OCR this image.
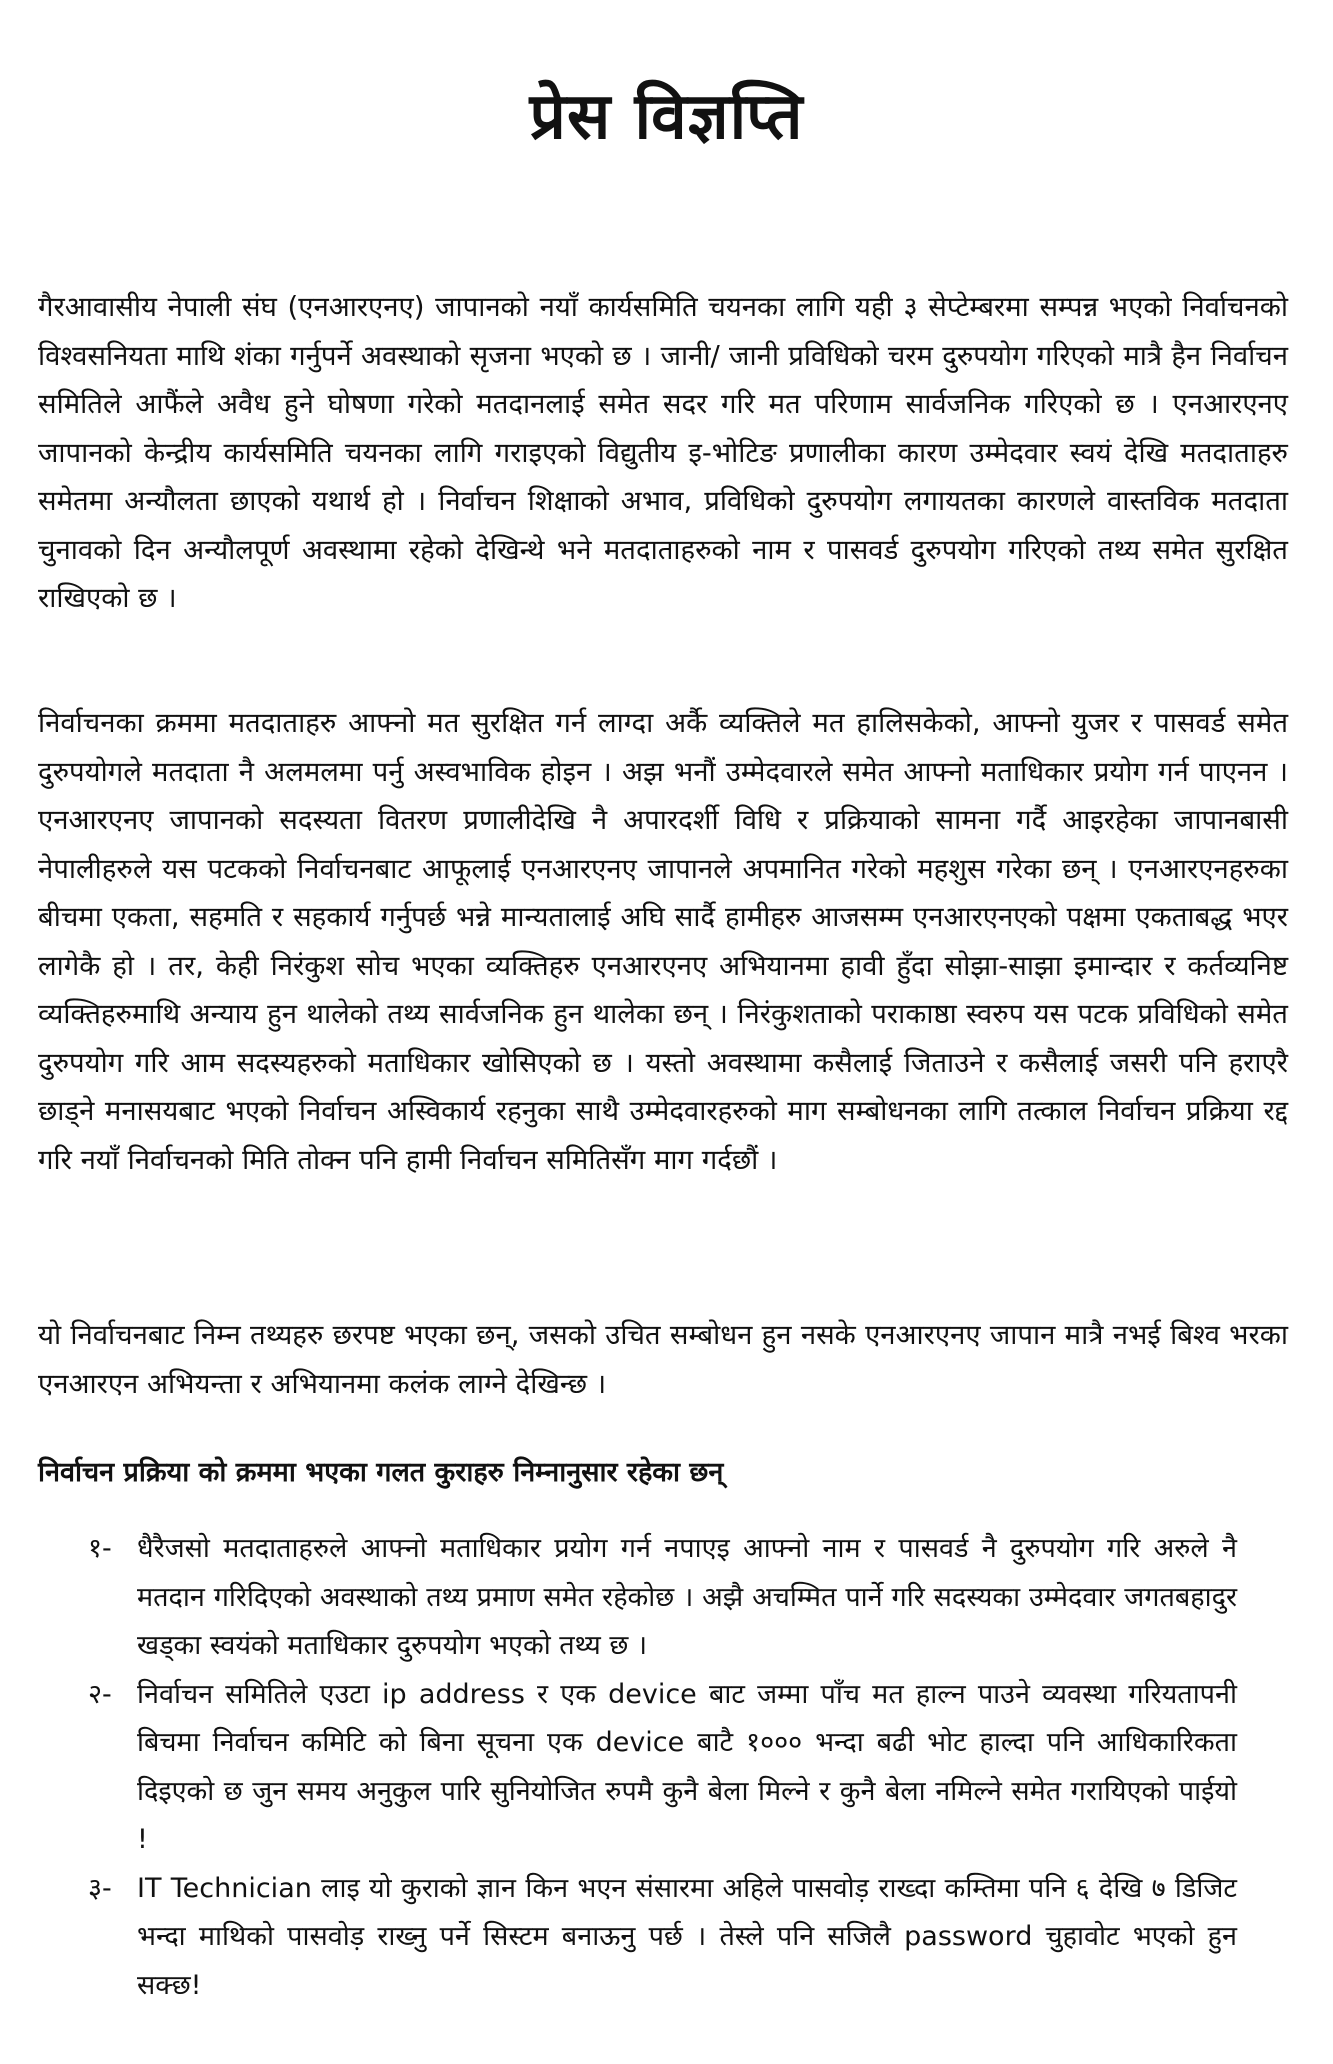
प्रेस विज्ञप्ति

गैरआवासीय नेपाली संघ (एनआरएनए) जापानको नयाँ कार्यसमिति चयनका लागि यही ३ सेप्टेम्बरमा सम्पन्न भएको निर्वाचनको विश्वसनियता माथि शंका गर्नुपर्ने अवस्थाको सृजना भएको छ । जानी/ जानी प्रविधिको चरम दुरुपयोग गरिएको मात्रै हैन निर्वाचन समितिले आफैंले अवैध हुने घोषणा गरेको मतदानलाई समेत सदर गरि मत परिणाम सार्वजनिक गरिएको छ । एनआरएनए जापानको केन्द्रीय कार्यसमिति चयनका लागि गराइएको विद्युतीय इ-भोटिङ प्रणालीका कारण उम्मेदवार स्वयं देखि मतदाताहरु समेतमा अन्यौलता छाएको यथार्थ हो । निर्वाचन शिक्षाको अभाव, प्रविधिको दुरुपयोग लगायतका कारणले वास्तविक मतदाता चुनावको दिन अन्यौलपूर्ण अवस्थामा रहेको देखिन्थे भने मतदाताहरुको नाम र पासवर्ड दुरुपयोग गरिएको तथ्य समेत सुरक्षित राखिएको छ ।

निर्वाचनका क्रममा मतदाताहरु आफ्नो मत सुरक्षित गर्न लाग्दा अर्कै व्यक्तिले मत हालिसकेको, आफ्नो युजर र पासवर्ड समेत दुरुपयोगले मतदाता नै अलमलमा पर्नु अस्वभाविक होइन । अझ भनौं उम्मेदवारले समेत आफ्नो मताधिकार प्रयोग गर्न पाएनन । एनआरएनए जापानको सदस्यता वितरण प्रणालीदेखि नै अपारदर्शी विधि र प्रक्रियाको सामना गर्दै आइरहेका जापानबासी नेपालीहरुले यस पटकको निर्वाचनबाट आफूलाई एनआरएनए जापानले अपमानित गरेको महशुस गरेका छन् । एनआरएनहरुका बीचमा एकता, सहमति र सहकार्य गर्नुपर्छ भन्ने मान्यतालाई अघि सार्दै हामीहरु आजसम्म एनआरएनएको पक्षमा एकताबद्ध भएर लागेकै हो । तर, केही निरंकुश सोच भएका व्यक्तिहरु एनआरएनए अभियानमा हावी हुँदा सोझा-साझा इमान्दार र कर्तव्यनिष्ट व्यक्तिहरुमाथि अन्याय हुन थालेको तथ्य सार्वजनिक हुन थालेका छन् । निरंकुशताको पराकाष्ठा स्वरुप यस पटक प्रविधिको समेत दुरुपयोग गरि आम सदस्यहरुको मताधिकार खोसिएको छ । यस्तो अवस्थामा कसैलाई जिताउने र कसैलाई जसरी पनि हराएरै छाड्ने मनासयबाट भएको निर्वाचन अस्विकार्य रहनुका साथै उम्मेदवारहरुको माग सम्बोधनका लागि तत्काल निर्वाचन प्रक्रिया रद्द गरि नयाँ निर्वाचनको मिति तोक्न पनि हामी निर्वाचन समितिसँग माग गर्दछौं ।

यो निर्वाचनबाट निम्न तथ्यहरु छरपष्ट भएका छन्, जसको उचित सम्बोधन हुन नसके एनआरएनए जापान मात्रै नभई बिश्व भरका एनआरएन अभियन्ता र अभियानमा कलंक लाग्ने देखिन्छ ।

निर्वाचन प्रक्रिया को क्रममा भएका गलत कुराहरु निम्नानुसार रहेका छन्
१- धैरैजसो मतदाताहरुले आफ्नो मताधिकार प्रयोग गर्न नपाएइ आफ्नो नाम र पासवर्ड नै दुरुपयोग गरि अरुले नै मतदान गरिदिएको अवस्थाको तथ्य प्रमाण समेत रहेकोछ । अझै अचम्मित पार्ने गरि सदस्यका उम्मेदवार जगतबहादुर खड्का स्वयंको मताधिकार दुरुपयोग भएको तथ्य छ ।
२- निर्वाचन समितिले एउटा ip address र एक device बाट जम्मा पाँच मत हाल्न पाउने व्यवस्था गरियतापनी बिचमा निर्वाचन कमिटि को बिना सूचना एक device बाटै १००० भन्दा बढी भोट हाल्दा पनि आधिकारिकता दिइएको छ जुन समय अनुकुल पारि सुनियोजित रुपमै कुनै बेला मिल्ने र कुनै बेला नमिल्ने समेत गरायिएको पाईयो !
३- IT Technician लाइ यो कुराको ज्ञान किन भएन संसारमा अहिले पासवोड़ राख्दा कम्तिमा पनि ६ देखि ७ डिजिट भन्दा माथिको पासवोड़ राख्नु पर्ने सिस्टम बनाऊनु पर्छ । तेस्ले पनि सजिलै password चुहावोट भएको हुन सक्छ!
